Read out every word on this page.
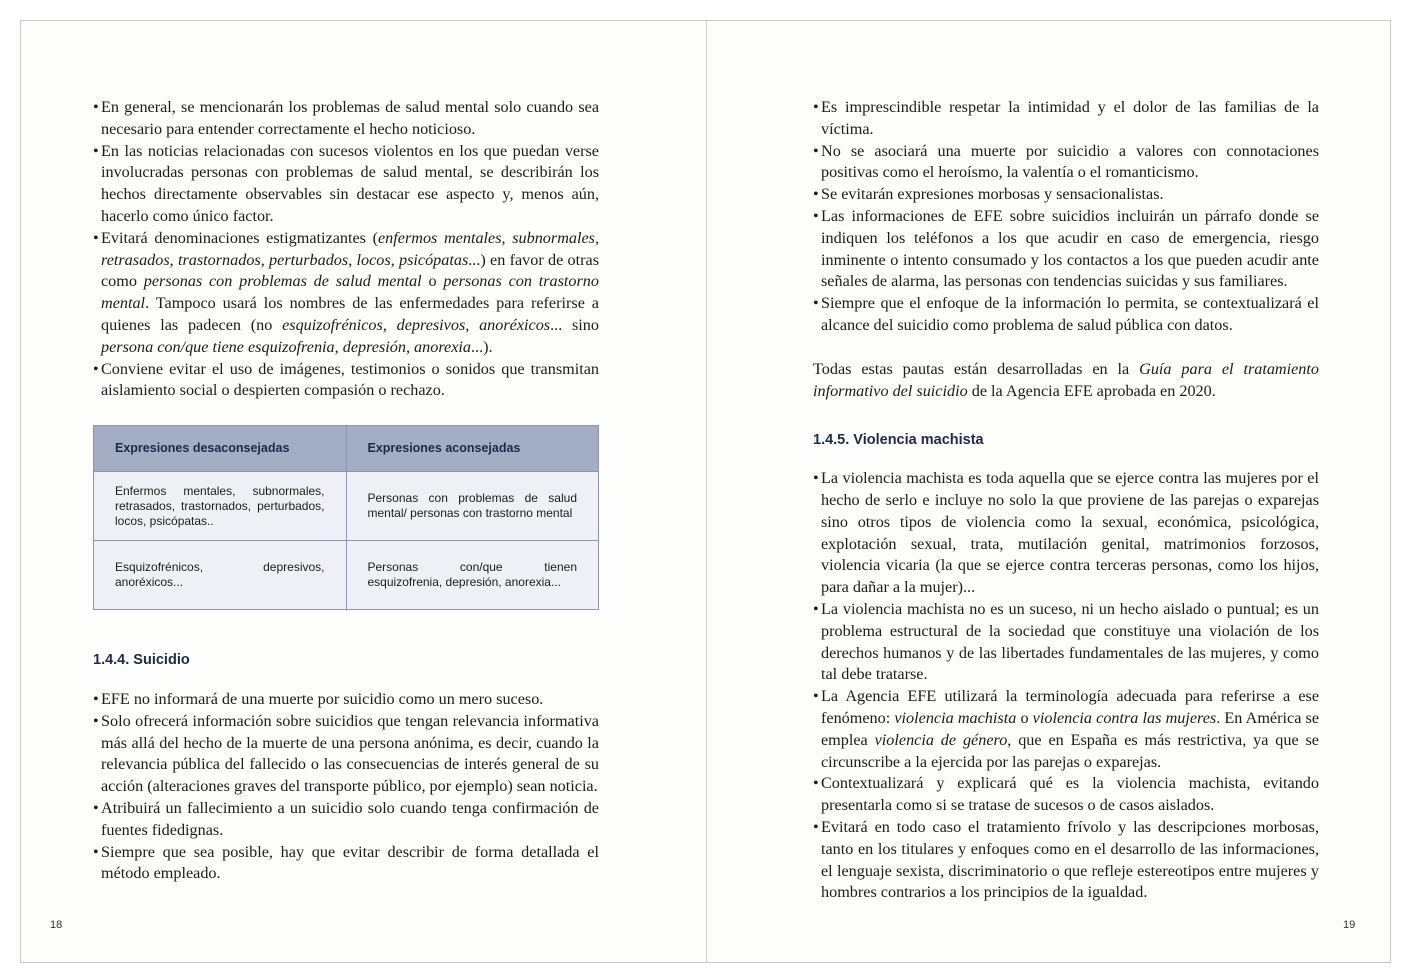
• En general, se mencionarán los problemas de salud mental solo cuando sea necesario para entender correctamente el hecho noticioso.
• En las noticias relacionadas con sucesos violentos en los que puedan verse involucradas personas con problemas de salud mental, se describirán los hechos directamente observables sin destacar ese aspecto y, menos aún, hacerlo como único factor.
• Evitará denominaciones estigmatizantes (enfermos mentales, subnormales, retrasados, trastornados, perturbados, locos, psicópatas...) en favor de otras como personas con problemas de salud mental o personas con trastorno mental. Tampoco usará los nombres de las enfermedades para referirse a quienes las padecen (no esquizofrénicos, depresivos, anoréxicos... sino persona con/que tiene esquizofrenia, depresión, anorexia...).
• Conviene evitar el uso de imágenes, testimonios o sonidos que transmitan aislamiento social o despierten compasión o rechazo.
Expresiones desaconsejadas	Expresiones aconsejadas
Enfermos mentales, subnormales, retrasados, trastornados, perturbados, locos, psicópatas..	Personas con problemas de salud mental/ personas con trastorno mental
Esquizofrénicos, depresivos, anoréxicos...	Personas con/que tienen esquizofrenia, depresión, anorexia...
1.4.4. Suicidio
• EFE no informará de una muerte por suicidio como un mero suceso.
• Solo ofrecerá información sobre suicidios que tengan relevancia informativa más allá del hecho de la muerte de una persona anónima, es decir, cuando la relevancia pública del fallecido o las consecuencias de interés general de su acción (alteraciones graves del transporte público, por ejemplo) sean noticia.
• Atribuirá un fallecimiento a un suicidio solo cuando tenga confirmación de fuentes fidedignas.
• Siempre que sea posible, hay que evitar describir de forma detallada el método empleado.
18
• Es imprescindible respetar la intimidad y el dolor de las familias de la víctima.
• No se asociará una muerte por suicidio a valores con connotaciones positivas como el heroísmo, la valentía o el romanticismo.
• Se evitarán expresiones morbosas y sensacionalistas.
• Las informaciones de EFE sobre suicidios incluirán un párrafo donde se indiquen los teléfonos a los que acudir en caso de emergencia, riesgo inminente o intento consumado y los contactos a los que pueden acudir ante señales de alarma, las personas con tendencias suicidas y sus familiares.
• Siempre que el enfoque de la información lo permita, se contextualizará el alcance del suicidio como problema de salud pública con datos.

Todas estas pautas están desarrolladas en la Guía para el tratamiento informativo del suicidio de la Agencia EFE aprobada en 2020.

1.4.5. Violencia machista
• La violencia machista es toda aquella que se ejerce contra las mujeres por el hecho de serlo e incluye no solo la que proviene de las parejas o exparejas sino otros tipos de violencia como la sexual, económica, psicológica, explotación sexual, trata, mutilación genital, matrimonios forzosos, violencia vicaria (la que se ejerce contra terceras personas, como los hijos, para dañar a la mujer)...
• La violencia machista no es un suceso, ni un hecho aislado o puntual; es un problema estructural de la sociedad que constituye una violación de los derechos humanos y de las libertades fundamentales de las mujeres, y como tal debe tratarse.
• La Agencia EFE utilizará la terminología adecuada para referirse a ese fenómeno: violencia machista o violencia contra las mujeres. En América se emplea violencia de género, que en España es más restrictiva, ya que se circunscribe a la ejercida por las parejas o exparejas.
• Contextualizará y explicará qué es la violencia machista, evitando presentarla como si se tratase de sucesos o de casos aislados.
• Evitará en todo caso el tratamiento frívolo y las descripciones morbosas, tanto en los titulares y enfoques como en el desarrollo de las informaciones, el lenguaje sexista, discriminatorio o que refleje estereotipos entre mujeres y hombres contrarios a los principios de la igualdad.
19
